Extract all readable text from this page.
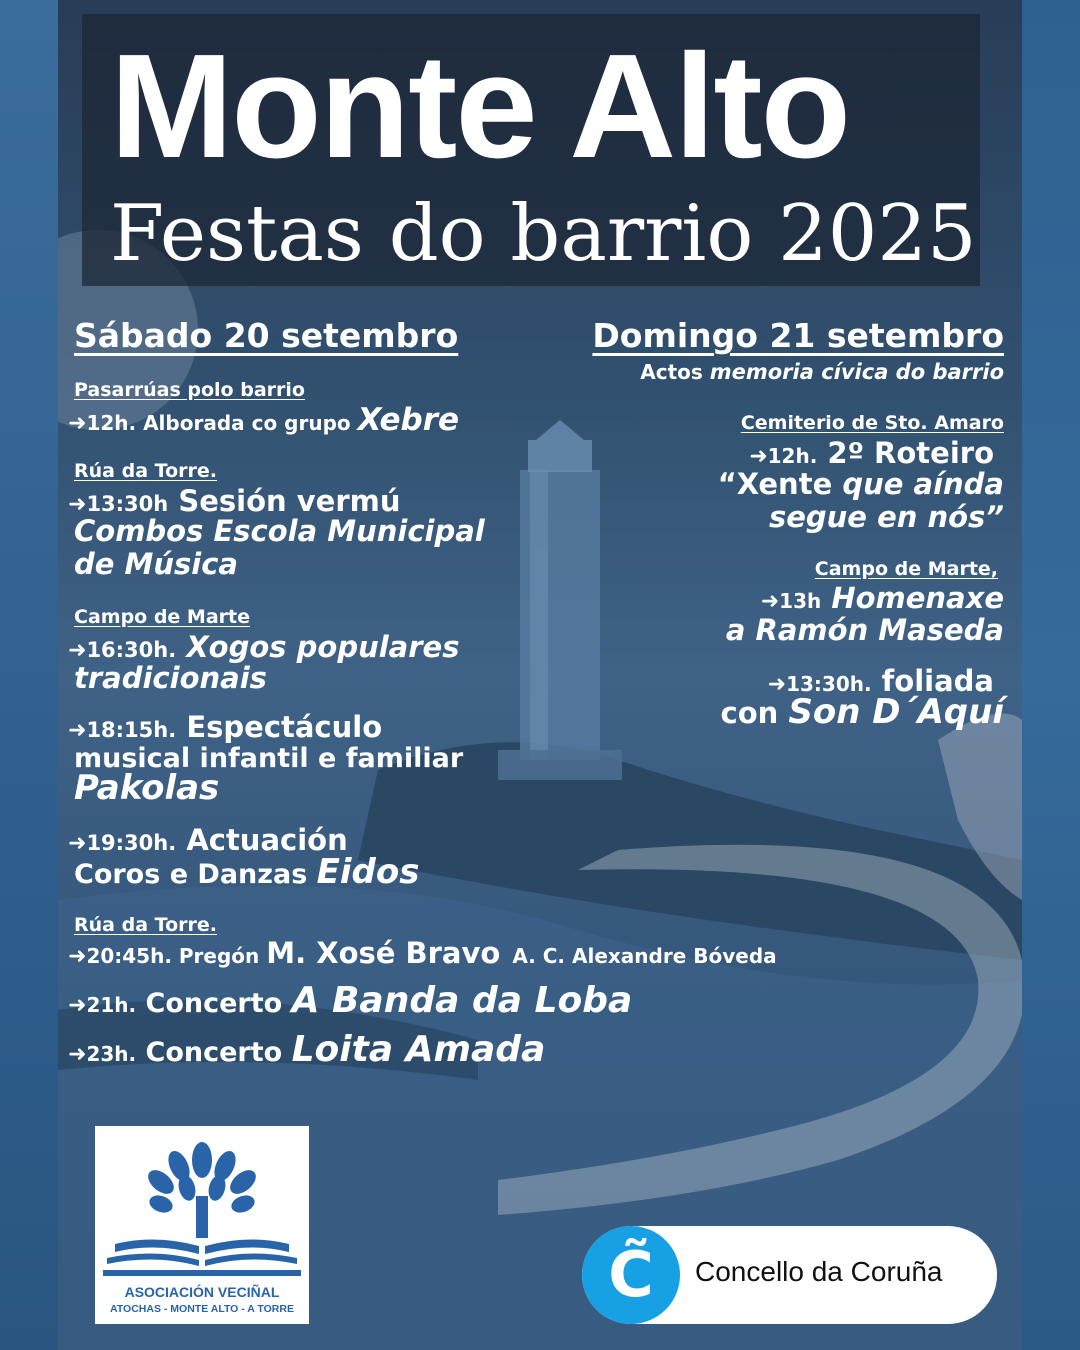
Monte Alto
Festas do barrio 2025
Sábado 20 setembro
Pasarrúas polo barrio
➜12h. Alborada co grupo Xebre
Rúa da Torre.
➜13:30h Sesión vermú
Combos Escola Municipal
de Música
Campo de Marte
➜16:30h. Xogos populares
tradicionais
➜18:15h. Espectáculo
musical infantil e familiar
Pakolas
➜19:30h. Actuación
Coros e Danzas Eidos
Rúa da Torre.
➜20:45h. Pregón M. Xosé Bravo A. C. Alexandre Bóveda
➜21h. Concerto A Banda da Loba
➜23h. Concerto Loita Amada
Domingo 21 setembro
Actos memoria cívica do barrio
Cemiterio de Sto. Amaro
➜12h. 2º Roteiro
“Xente que aínda
segue en nós”
Campo de Marte,
➜13h Homenaxe
a Ramón Maseda
➜13:30h. foliada
con Son D´Aquí
ASOCIACIÓN VECIÑAL
ATOCHAS - MONTE ALTO - A TORRE	C̃	Concello da Coruña
